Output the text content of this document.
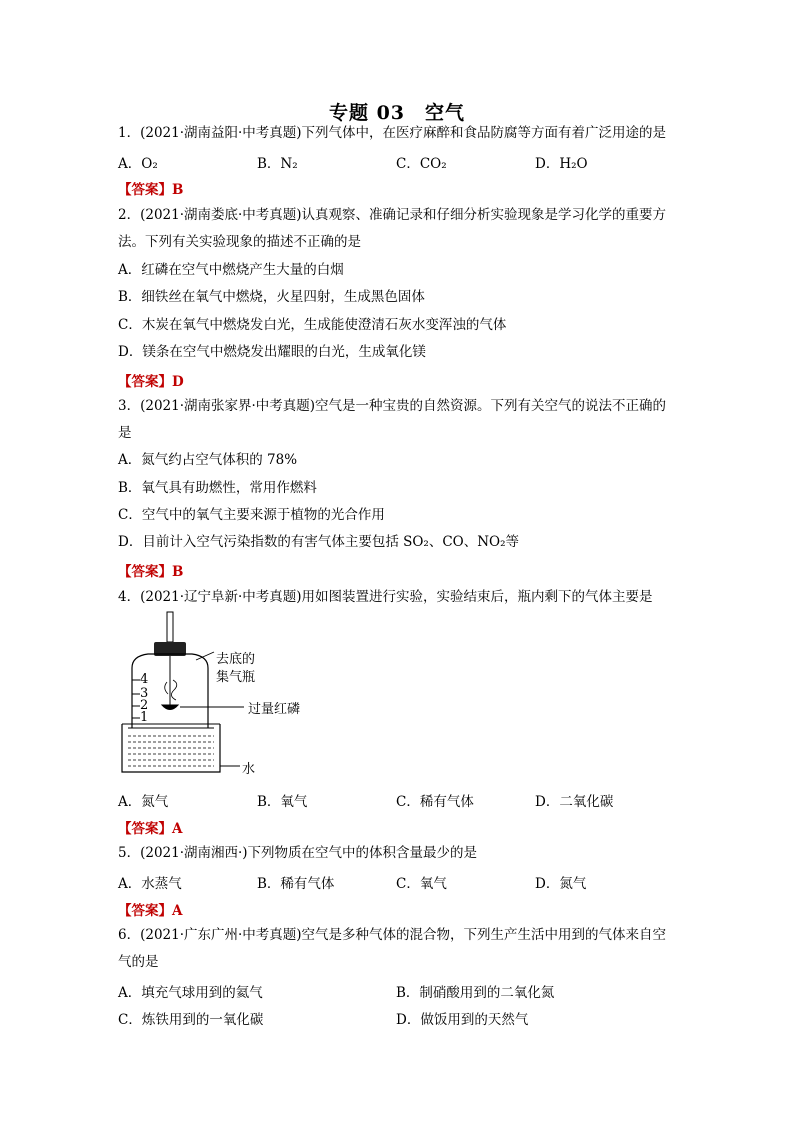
专题 03　空气
1．(2021·湖南益阳·中考真题)下列气体中，在医疗麻醉和食品防腐等方面有着广泛用途的是
A．O₂	B．N₂	C．CO₂	D．H₂O
【答案】B
2．(2021·湖南娄底·中考真题)认真观察、准确记录和仔细分析实验现象是学习化学的重要方
法。下列有关实验现象的描述不正确的是
A．红磷在空气中燃烧产生大量的白烟
B．细铁丝在氧气中燃烧，火星四射，生成黑色固体
C．木炭在氧气中燃烧发白光，生成能使澄清石灰水变浑浊的气体
D．镁条在空气中燃烧发出耀眼的白光，生成氧化镁
【答案】D
3．(2021·湖南张家界·中考真题)空气是一种宝贵的自然资源。下列有关空气的说法不正确的
是
A．氮气约占空气体积的 78%
B．氧气具有助燃性，常用作燃料
C．空气中的氧气主要来源于植物的光合作用
D．目前计入空气污染指数的有害气体主要包括 SO₂、CO、NO₂等
【答案】B
4．(2021·辽宁阜新·中考真题)用如图装置进行实验，实验结束后，瓶内剩下的气体主要是
4
3
2
1
去底的
集气瓶
过量红磷
水
A．氮气	B．氧气	C．稀有气体	D．二氧化碳
【答案】A
5．(2021·湖南湘西·)下列物质在空气中的体积含量最少的是
A．水蒸气	B．稀有气体	C．氧气	D．氮气
【答案】A
6．(2021·广东广州·中考真题)空气是多种气体的混合物，下列生产生活中用到的气体来自空
气的是
A．填充气球用到的氦气	B．制硝酸用到的二氧化氮
C．炼铁用到的一氧化碳	D．做饭用到的天然气
